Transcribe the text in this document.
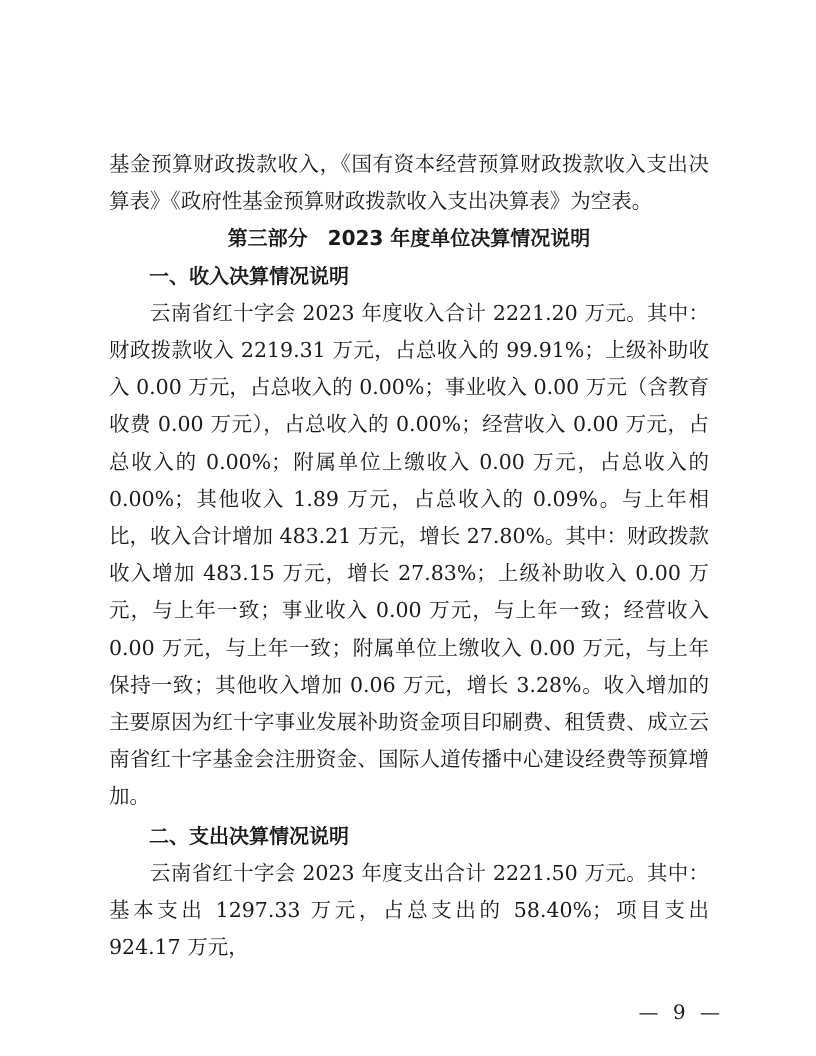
基金预算财政拨款收入，《国有资本经营预算财政拨款收入支出决算表》《政府性基金预算财政拨款收入支出决算表》为空表。

第三部分　2023 年度单位决算情况说明

一、收入决算情况说明

云南省红十字会 2023 年度收入合计 2221.20 万元。其中：财政拨款收入 2219.31 万元，占总收入的 99.91%；上级补助收入 0.00 万元，占总收入的 0.00%；事业收入 0.00 万元（含教育收费 0.00 万元），占总收入的 0.00%；经营收入 0.00 万元，占总收入的 0.00%；附属单位上缴收入 0.00 万元，占总收入的 0.00%；其他收入 1.89 万元，占总收入的 0.09%。与上年相比，收入合计增加 483.21 万元，增长 27.80%。其中：财政拨款收入增加 483.15 万元，增长 27.83%；上级补助收入 0.00 万元，与上年一致；事业收入 0.00 万元，与上年一致；经营收入 0.00 万元，与上年一致；附属单位上缴收入 0.00 万元，与上年保持一致；其他收入增加 0.06 万元，增长 3.28%。收入增加的主要原因为红十字事业发展补助资金项目印刷费、租赁费、成立云南省红十字基金会注册资金、国际人道传播中心建设经费等预算增加。

二、支出决算情况说明

云南省红十字会 2023 年度支出合计 2221.50 万元。其中：基本支出 1297.33 万元，占总支出的 58.40%；项目支出 924.17 万元，

— 9 —
